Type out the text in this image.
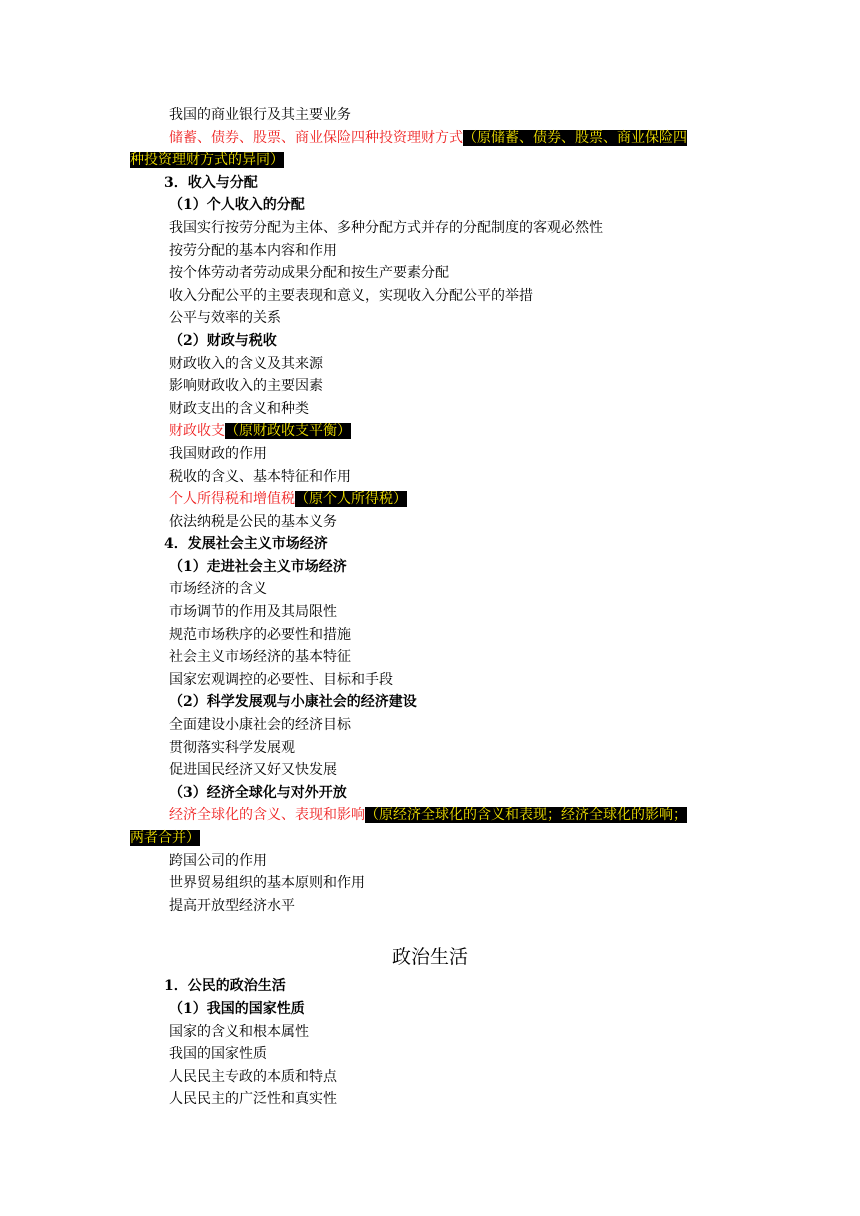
我国的商业银行及其主要业务
储蓄、债券、股票、商业保险四种投资理财方式（原储蓄、债券、股票、商业保险四
种投资理财方式的异同）
3．收入与分配
（1）个人收入的分配
我国实行按劳分配为主体、多种分配方式并存的分配制度的客观必然性
按劳分配的基本内容和作用
按个体劳动者劳动成果分配和按生产要素分配
收入分配公平的主要表现和意义，实现收入分配公平的举措
公平与效率的关系
（2）财政与税收
财政收入的含义及其来源
影响财政收入的主要因素
财政支出的含义和种类
财政收支（原财政收支平衡）
我国财政的作用
税收的含义、基本特征和作用
个人所得税和增值税（原个人所得税）
依法纳税是公民的基本义务
4．发展社会主义市场经济
（1）走进社会主义市场经济
市场经济的含义
市场调节的作用及其局限性
规范市场秩序的必要性和措施
社会主义市场经济的基本特征
国家宏观调控的必要性、目标和手段
（2）科学发展观与小康社会的经济建设
全面建设小康社会的经济目标
贯彻落实科学发展观
促进国民经济又好又快发展
（3）经济全球化与对外开放
经济全球化的含义、表现和影响（原经济全球化的含义和表现；经济全球化的影响；
两者合并）
跨国公司的作用
世界贸易组织的基本原则和作用
提高开放型经济水平
政治生活
1．公民的政治生活
（1）我国的国家性质
国家的含义和根本属性
我国的国家性质
人民民主专政的本质和特点
人民民主的广泛性和真实性
